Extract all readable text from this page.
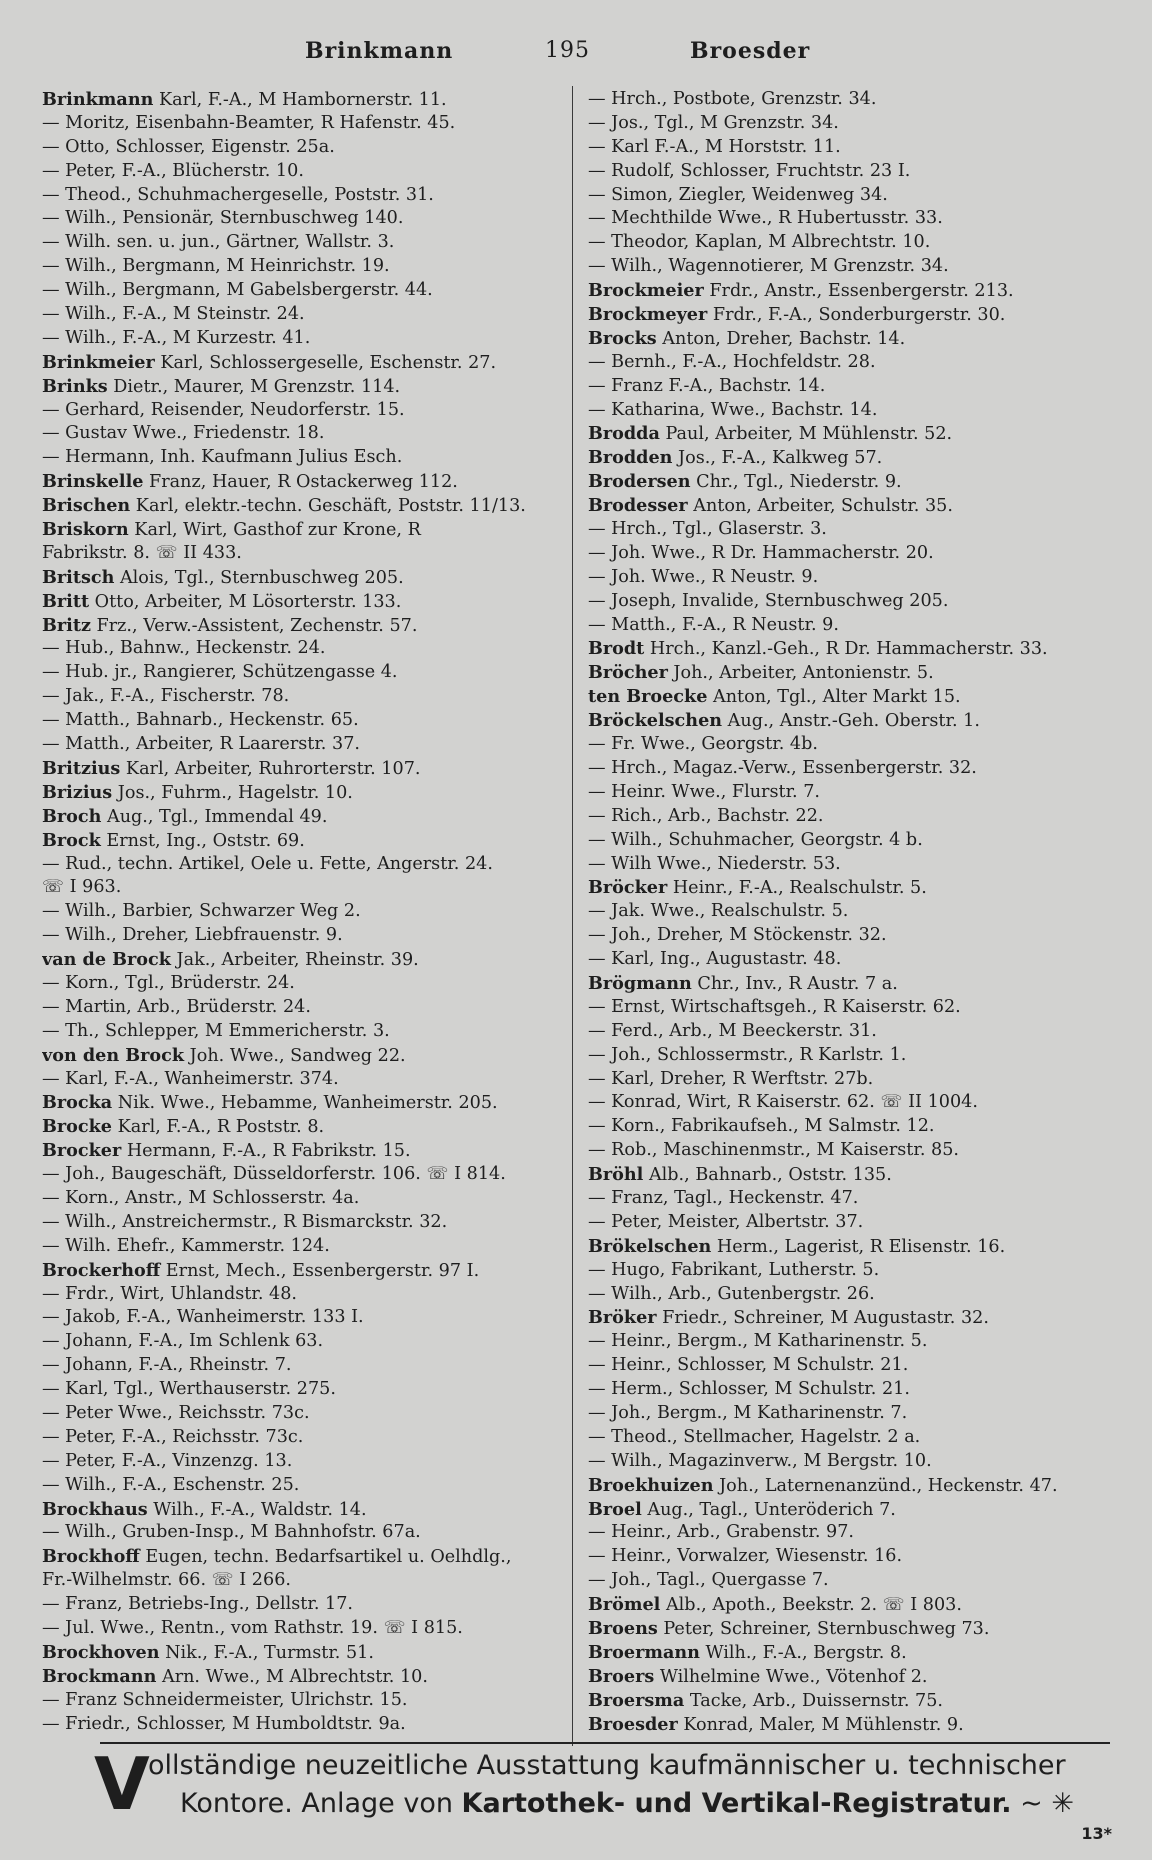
Brinkmann	195	Broesder
Brinkmann Karl, F.-A., M Hambornerstr. 11.
— Moritz, Eisenbahn-Beamter, R Hafenstr. 45.
— Otto, Schlosser, Eigenstr. 25a.
— Peter, F.-A., Blücherstr. 10.
— Theod., Schuhmachergeselle, Poststr. 31.
— Wilh., Pensionär, Sternbuschweg 140.
— Wilh. sen. u. jun., Gärtner, Wallstr. 3.
— Wilh., Bergmann, M Heinrichstr. 19.
— Wilh., Bergmann, M Gabelsbergerstr. 44.
— Wilh., F.-A., M Steinstr. 24.
— Wilh., F.-A., M Kurzestr. 41.
Brinkmeier Karl, Schlossergeselle, Eschenstr. 27.
Brinks Dietr., Maurer, M Grenzstr. 114.
— Gerhard, Reisender, Neudorferstr. 15.
— Gustav Wwe., Friedenstr. 18.
— Hermann, Inh. Kaufmann Julius Esch.
Brinskelle Franz, Hauer, R Ostackerweg 112.
Brischen Karl, elektr.-techn. Geschäft, Poststr. 11/13.
Briskorn Karl, Wirt, Gasthof zur Krone, R
Fabrikstr. 8. ☏ II 433.
Britsch Alois, Tgl., Sternbuschweg 205.
Britt Otto, Arbeiter, M Lösorterstr. 133.
Britz Frz., Verw.-Assistent, Zechenstr. 57.
— Hub., Bahnw., Heckenstr. 24.
— Hub. jr., Rangierer, Schützengasse 4.
— Jak., F.-A., Fischerstr. 78.
— Matth., Bahnarb., Heckenstr. 65.
— Matth., Arbeiter, R Laarerstr. 37.
Britzius Karl, Arbeiter, Ruhrorterstr. 107.
Brizius Jos., Fuhrm., Hagelstr. 10.
Broch Aug., Tgl., Immendal 49.
Brock Ernst, Ing., Oststr. 69.
— Rud., techn. Artikel, Oele u. Fette, Angerstr. 24.
☏ I 963.
— Wilh., Barbier, Schwarzer Weg 2.
— Wilh., Dreher, Liebfrauenstr. 9.
van de Brock Jak., Arbeiter, Rheinstr. 39.
— Korn., Tgl., Brüderstr. 24.
— Martin, Arb., Brüderstr. 24.
— Th., Schlepper, M Emmericherstr. 3.
von den Brock Joh. Wwe., Sandweg 22.
— Karl, F.-A., Wanheimerstr. 374.
Brocka Nik. Wwe., Hebamme, Wanheimerstr. 205.
Brocke Karl, F.-A., R Poststr. 8.
Brocker Hermann, F.-A., R Fabrikstr. 15.
— Joh., Baugeschäft, Düsseldorferstr. 106. ☏ I 814.
— Korn., Anstr., M Schlosserstr. 4a.
— Wilh., Anstreichermstr., R Bismarckstr. 32.
— Wilh. Ehefr., Kammerstr. 124.
Brockerhoff Ernst, Mech., Essenbergerstr. 97 I.
— Frdr., Wirt, Uhlandstr. 48.
— Jakob, F.-A., Wanheimerstr. 133 I.
— Johann, F.-A., Im Schlenk 63.
— Johann, F.-A., Rheinstr. 7.
— Karl, Tgl., Werthauserstr. 275.
— Peter Wwe., Reichsstr. 73c.
— Peter, F.-A., Reichsstr. 73c.
— Peter, F.-A., Vinzenzg. 13.
— Wilh., F.-A., Eschenstr. 25.
Brockhaus Wilh., F.-A., Waldstr. 14.
— Wilh., Gruben-Insp., M Bahnhofstr. 67a.
Brockhoff Eugen, techn. Bedarfsartikel u. Oelhdlg.,
Fr.-Wilhelmstr. 66. ☏ I 266.
— Franz, Betriebs-Ing., Dellstr. 17.
— Jul. Wwe., Rentn., vom Rathstr. 19. ☏ I 815.
Brockhoven Nik., F.-A., Turmstr. 51.
Brockmann Arn. Wwe., M Albrechtstr. 10.
— Franz Schneidermeister, Ulrichstr. 15.
— Friedr., Schlosser, M Humboldtstr. 9a.
— Hrch., Postbote, Grenzstr. 34.
— Jos., Tgl., M Grenzstr. 34.
— Karl F.-A., M Horststr. 11.
— Rudolf, Schlosser, Fruchtstr. 23 I.
— Simon, Ziegler, Weidenweg 34.
— Mechthilde Wwe., R Hubertusstr. 33.
— Theodor, Kaplan, M Albrechtstr. 10.
— Wilh., Wagennotierer, M Grenzstr. 34.
Brockmeier Frdr., Anstr., Essenbergerstr. 213.
Brockmeyer Frdr., F.-A., Sonderburgerstr. 30.
Brocks Anton, Dreher, Bachstr. 14.
— Bernh., F.-A., Hochfeldstr. 28.
— Franz F.-A., Bachstr. 14.
— Katharina, Wwe., Bachstr. 14.
Brodda Paul, Arbeiter, M Mühlenstr. 52.
Brodden Jos., F.-A., Kalkweg 57.
Brodersen Chr., Tgl., Niederstr. 9.
Brodesser Anton, Arbeiter, Schulstr. 35.
— Hrch., Tgl., Glaserstr. 3.
— Joh. Wwe., R Dr. Hammacherstr. 20.
— Joh. Wwe., R Neustr. 9.
— Joseph, Invalide, Sternbuschweg 205.
— Matth., F.-A., R Neustr. 9.
Brodt Hrch., Kanzl.-Geh., R Dr. Hammacherstr. 33.
Bröcher Joh., Arbeiter, Antonienstr. 5.
ten Broecke Anton, Tgl., Alter Markt 15.
Bröckelschen Aug., Anstr.-Geh. Oberstr. 1.
— Fr. Wwe., Georgstr. 4b.
— Hrch., Magaz.-Verw., Essenbergerstr. 32.
— Heinr. Wwe., Flurstr. 7.
— Rich., Arb., Bachstr. 22.
— Wilh., Schuhmacher, Georgstr. 4 b.
— Wilh Wwe., Niederstr. 53.
Bröcker Heinr., F.-A., Realschulstr. 5.
— Jak. Wwe., Realschulstr. 5.
— Joh., Dreher, M Stöckenstr. 32.
— Karl, Ing., Augustastr. 48.
Brögmann Chr., Inv., R Austr. 7 a.
— Ernst, Wirtschaftsgeh., R Kaiserstr. 62.
— Ferd., Arb., M Beeckerstr. 31.
— Joh., Schlossermstr., R Karlstr. 1.
— Karl, Dreher, R Werftstr. 27b.
— Konrad, Wirt, R Kaiserstr. 62. ☏ II 1004.
— Korn., Fabrikaufseh., M Salmstr. 12.
— Rob., Maschinenmstr., M Kaiserstr. 85.
Bröhl Alb., Bahnarb., Oststr. 135.
— Franz, Tagl., Heckenstr. 47.
— Peter, Meister, Albertstr. 37.
Brökelschen Herm., Lagerist, R Elisenstr. 16.
— Hugo, Fabrikant, Lutherstr. 5.
— Wilh., Arb., Gutenbergstr. 26.
Bröker Friedr., Schreiner, M Augustastr. 32.
— Heinr., Bergm., M Katharinenstr. 5.
— Heinr., Schlosser, M Schulstr. 21.
— Herm., Schlosser, M Schulstr. 21.
— Joh., Bergm., M Katharinenstr. 7.
— Theod., Stellmacher, Hagelstr. 2 a.
— Wilh., Magazinverw., M Bergstr. 10.
Broekhuizen Joh., Laternenanzünd., Heckenstr. 47.
Broel Aug., Tagl., Unteröderich 7.
— Heinr., Arb., Grabenstr. 97.
— Heinr., Vorwalzer, Wiesenstr. 16.
— Joh., Tagl., Quergasse 7.
Brömel Alb., Apoth., Beekstr. 2. ☏ I 803.
Broens Peter, Schreiner, Sternbuschweg 73.
Broermann Wilh., F.-A., Bergstr. 8.
Broers Wilhelmine Wwe., Vötenhof 2.
Broersma Tacke, Arb., Duissernstr. 75.
Broesder Konrad, Maler, M Mühlenstr. 9.
V
ollständige neuzeitliche Ausstattung kaufmännischer u. technischer
Kontore. Anlage von Kartothek- und Vertikal-Registratur. ~ ✳
13*
